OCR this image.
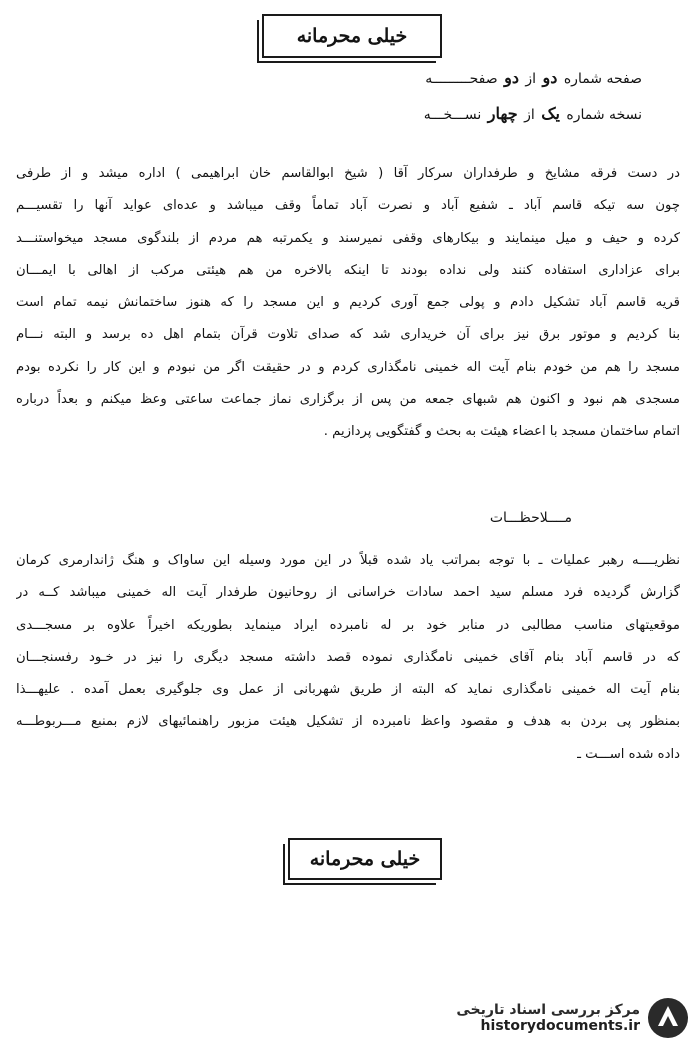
خیلی محرمانه
صفحه شماره

دو

از

دو

صفحـــــــــه
نسخه شماره

یک

از

چهار

نســـخـــه
در دست فرقه مشایخ و طرفداران سرکار آقا ( شیخ ابوالقاسم خان ابراهیمی ) اداره میشد و از طرفی
چون سه تیکه قاسم آباد ـ شفیع آباد و نصرت آباد تماماً وقف میباشد و عده‌ای عواید آنها را تقسیـــم
کرده و حیف و میل مینمایند و بیکارهای وقفی نمیرسند و یکمرتبه هم مردم از بلندگوی مسجد میخواستنـــد
برای عزاداری استفاده کنند ولی نداده بودند تا اینکه بالاخره من هم هیئتی مرکب از اهالی با ایمـــان
قریه قاسم آباد تشکیل دادم و پولی جمع آوری کردیم و این مسجد را که هنوز ساختمانش نیمه تمام است
بنا کردیم و موتور برق نیز برای آن خریداری شد که صدای تلاوت قرآن بتمام اهل ده برسد و البته نـــام
مسجد را هم من خودم بنام آیت اله خمینی نامگذاری کردم و در حقیقت اگر من نبودم و این کار را نکرده بودم
مسجدی هم نبود و اکنون هم شبهای جمعه من پس از برگزاری نماز جماعت ساعتی وعظ میکنم و بعداً درباره
اتمام ساختمان مسجد با اعضاء هیئت به بحث و گفتگویی پردازیم .
مــــلاحظـــات
نظریــــه رهبر عملیات ـ با توجه بمراتب یاد شده قبلاً در این مورد وسیله این ساواک و هنگ ژاندارمری کرمان
گزارش گردیده فرد مسلم سید احمد سادات خراسانی از روحانیون طرفدار آیت اله خمینی میباشد کــه در
موقعیتهای مناسب مطالبی در منابر خود بر له نامبرده ایراد مینماید بطوریکه اخیراً علاوه بر مسجـــدی
که در قاسم آباد بنام آقای خمینی نامگذاری نموده قصد داشته مسجد دیگری را نیز در خـود رفسنجـــان
بنام آیت اله خمینی نامگذاری نماید که البته از طریق شهربانی از عمل وی جلوگیری بعمل آمده . علیهـــذا
بمنظور پی بردن به هدف و مقصود واعظ نامبرده از تشکیل هیئت مزبور راهنمائیهای لازم بمنبع مـــربوطـــه
داده شده اســـت ـ
خیلی محرمانه
مرکز بررسی اسناد تاریخی
historydocuments.ir
